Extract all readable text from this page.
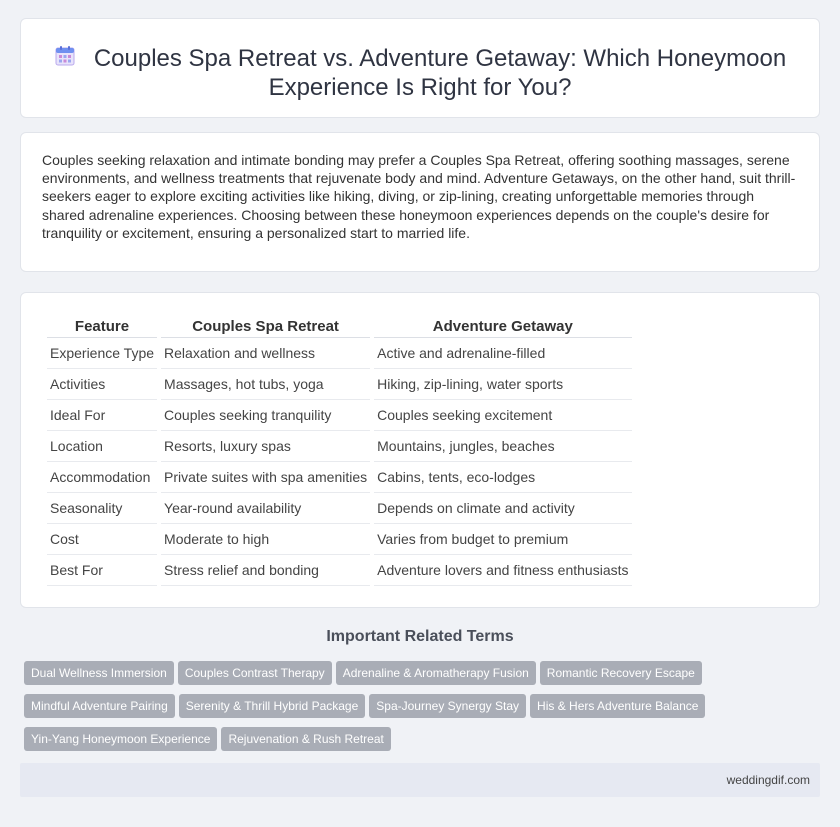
Couples Spa Retreat vs. Adventure Getaway: Which Honeymoon Experience Is Right for You?

Couples seeking relaxation and intimate bonding may prefer a Couples Spa Retreat, offering soothing massages, serene environments, and wellness treatments that rejuvenate body and mind. Adventure Getaways, on the other hand, suit thrill-seekers eager to explore exciting activities like hiking, diving, or zip-lining, creating unforgettable memories through shared adrenaline experiences. Choosing between these honeymoon experiences depends on the couple's desire for tranquility or excitement, ensuring a personalized start to married life.

Feature	Couples Spa Retreat	Adventure Getaway
Experience Type	Relaxation and wellness	Active and adrenaline-filled
Activities	Massages, hot tubs, yoga	Hiking, zip-lining, water sports
Ideal For	Couples seeking tranquility	Couples seeking excitement
Location	Resorts, luxury spas	Mountains, jungles, beaches
Accommodation	Private suites with spa amenities	Cabins, tents, eco-lodges
Seasonality	Year-round availability	Depends on climate and activity
Cost	Moderate to high	Varies from budget to premium
Best For	Stress relief and bonding	Adventure lovers and fitness enthusiasts
Important Related Terms
Dual Wellness Immersion Couples Contrast Therapy Adrenaline & Aromatherapy Fusion Romantic Recovery Escape
Mindful Adventure Pairing Serenity & Thrill Hybrid Package Spa-Journey Synergy Stay His & Hers Adventure Balance
Yin-Yang Honeymoon Experience Rejuvenation & Rush Retreat
weddingdif.com
